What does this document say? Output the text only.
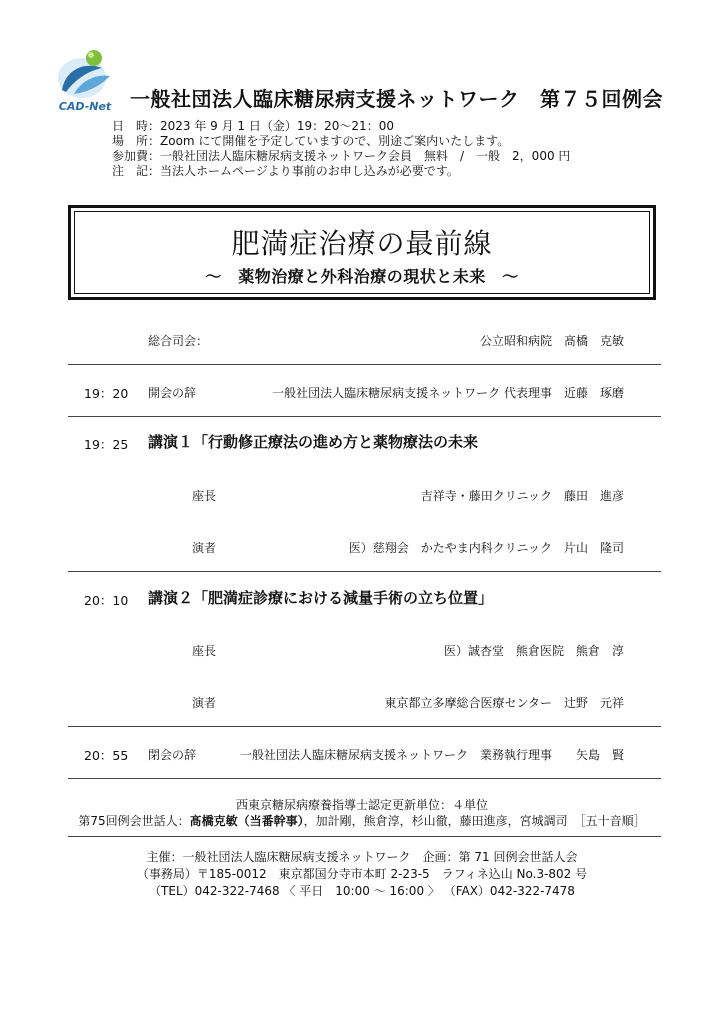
CAD-Net 一般社団法人臨床糖尿病支援ネットワーク　第７５回例会
日　時：2023 年 9 月 1 日（金）19：20～21：00
場　所：Zoom にて開催を予定していますので、別途ご案内いたします。
参加費：一般社団法人臨床糖尿病支援ネットワーク会員　無料　/　一般　2，000 円
注　記：当法人ホームページより事前のお申し込みが必要です。
肥満症治療の最前線
～　薬物治療と外科治療の現状と未来　～
総合司会：	公立昭和病院　髙橋　克敏
19：20 開会の辞	一般社団法人臨床糖尿病支援ネットワーク 代表理事　近藤　琢磨
19：25 講演１「行動修正療法の進め方と薬物療法の未来
座長	吉祥寺・藤田クリニック　藤田　進彦
演者	医）慈翔会　かたやま内科クリニック　片山　隆司
20：10 講演２「肥満症診療における減量手術の立ち位置」
座長	医）誠杏堂　熊倉医院　熊倉　淳
演者	東京都立多摩総合医療センター　辻野　元祥
20：55 閉会の辞	一般社団法人臨床糖尿病支援ネットワーク　業務執行理事　　矢島　賢
西東京糖尿病療養指導士認定更新単位：４単位
第75回例会世話人：髙橋克敏（当番幹事），加計剛，熊倉淳，杉山徹，藤田進彦，宮城調司　［五十音順］
主催：一般社団法人臨床糖尿病支援ネットワーク　企画：第 71 回例会世話人会
（事務局）〒185-0012　東京都国分寺市本町 2-23-5　ラフィネ込山 No.3-802 号
（TEL）042-322-7468 〈 平日　10:00 ～ 16:00 〉 （FAX）042-322-7478
